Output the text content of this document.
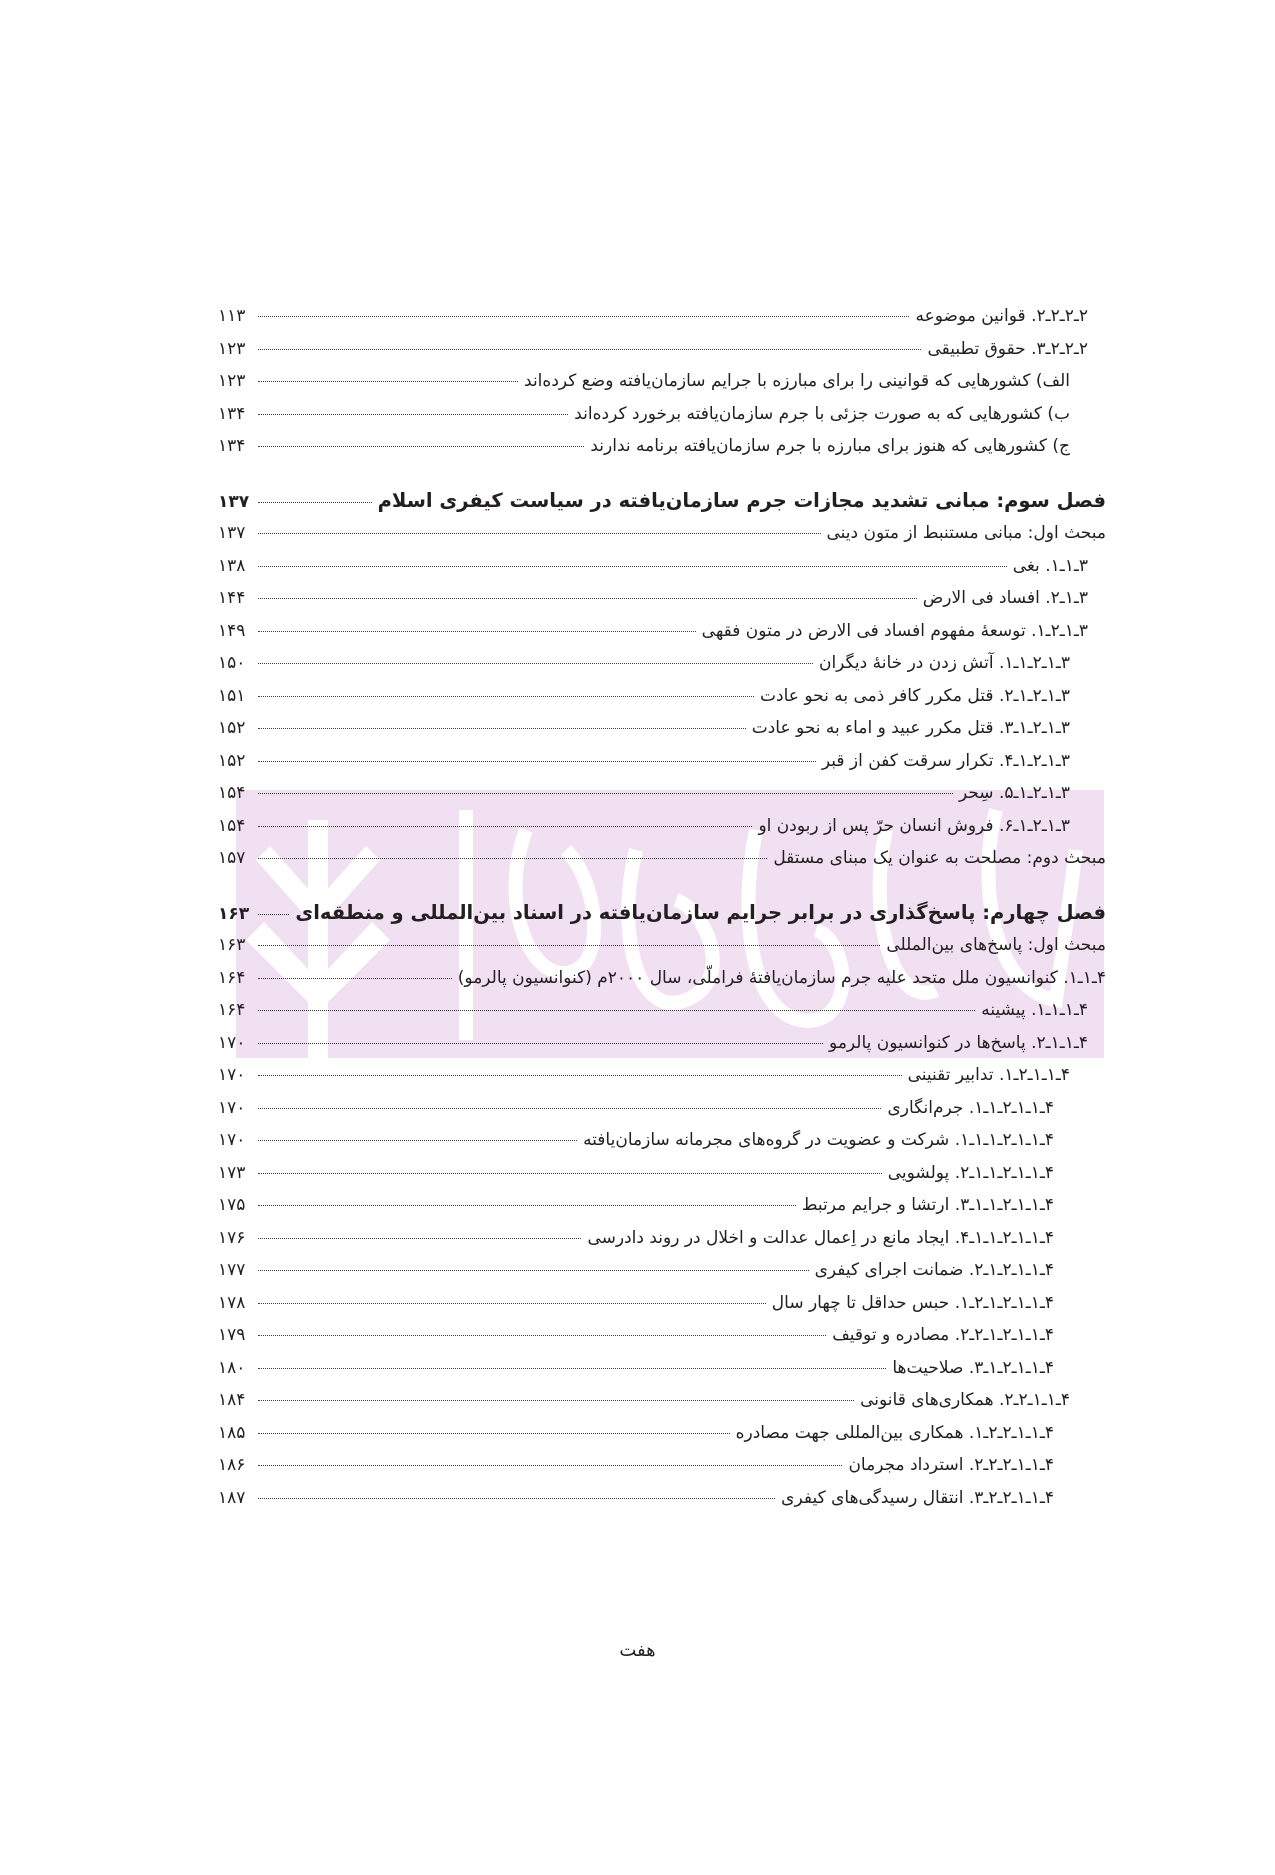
۲ـ۲ـ۲ـ۲. قوانین موضوعه
۱۱۳
۲ـ۲ـ۲ـ۳. حقوق تطبیقی
۱۲۳
الف) کشورهایی که قوانینی را برای مبارزه با جرایم سازمان‌یافته وضع کرده‌اند
۱۲۳
ب) کشورهایی که به صورت جزئی با جرم سازمان‌یافته برخورد کرده‌اند
۱۳۴
ج) کشورهایی که هنوز برای مبارزه با جرم سازمان‌یافته برنامه ندارند
۱۳۴
فصل سوم: مبانی تشدید مجازات جرم سازمان‌یافته در سیاست کیفری اسلام
۱۳۷
مبحث اول: مبانی مستنبط از متون دینی
۱۳۷
۳ـ۱ـ۱. بغی
۱۳۸
۳ـ۱ـ۲. افساد فی الارض
۱۴۴
۳ـ۱ـ۲ـ۱. توسعهٔ مفهوم افساد فی الارض در متون فقهی
۱۴۹
۳ـ۱ـ۲ـ۱ـ۱. آتش زدن در خانهٔ دیگران
۱۵۰
۳ـ۱ـ۲ـ۱ـ۲. قتل مکرر کافر ذمی به نحو عادت
۱۵۱
۳ـ۱ـ۲ـ۱ـ۳. قتل مکرر عبید و اماء به نحو عادت
۱۵۲
۳ـ۱ـ۲ـ۱ـ۴. تکرار سرقت کفن از قبر
۱۵۲
۳ـ۱ـ۲ـ۱ـ۵. سِحر
۱۵۴
۳ـ۱ـ۲ـ۱ـ۶. فروش انسان حرّ پس از ربودن او
۱۵۴
مبحث دوم: مصلحت به عنوان یک مبنای مستقل
۱۵۷
فصل چهارم: پاسخ‌گذاری در برابر جرایم سازمان‌یافته در اسناد بین‌المللی و منطقه‌ای
۱۶۳
مبحث اول: پاسخ‌های بین‌المللی
۱۶۳
۴ـ۱ـ۱. کنوانسیون ملل متحد علیه جرم سازمان‌یافتهٔ فراملّی، سال ۲۰۰۰م (کنوانسیون پالرمو)
۱۶۴
۴ـ۱ـ۱ـ۱. پیشینه
۱۶۴
۴ـ۱ـ۱ـ۲. پاسخ‌ها در کنوانسیون پالرمو
۱۷۰
۴ـ۱ـ۱ـ۲ـ۱. تدابیر تقنینی
۱۷۰
۴ـ۱ـ۱ـ۲ـ۱ـ۱. جرم‌انگاری
۱۷۰
۴ـ۱ـ۱ـ۲ـ۱ـ۱ـ۱. شرکت و عضویت در گروه‌های مجرمانه سازمان‌یافته
۱۷۰
۴ـ۱ـ۱ـ۲ـ۱ـ۱ـ۲. پولشویی
۱۷۳
۴ـ۱ـ۱ـ۲ـ۱ـ۱ـ۳. ارتشا و جرایم مرتبط
۱۷۵
۴ـ۱ـ۱ـ۲ـ۱ـ۱ـ۴. ایجاد مانع در اِعمال عدالت و اخلال در روند دادرسی
۱۷۶
۴ـ۱ـ۱ـ۲ـ۱ـ۲. ضمانت اجرای کیفری
۱۷۷
۴ـ۱ـ۱ـ۲ـ۱ـ۲ـ۱. حبس حداقل تا چهار سال
۱۷۸
۴ـ۱ـ۱ـ۲ـ۱ـ۲ـ۲. مصادره و توقیف
۱۷۹
۴ـ۱ـ۱ـ۲ـ۱ـ۳. صلاحیت‌ها
۱۸۰
۴ـ۱ـ۱ـ۲ـ۲. همکاری‌های قانونی
۱۸۴
۴ـ۱ـ۱ـ۲ـ۲ـ۱. همکاری بین‌المللی جهت مصادره
۱۸۵
۴ـ۱ـ۱ـ۲ـ۲ـ۲. استرداد مجرمان
۱۸۶
۴ـ۱ـ۱ـ۲ـ۲ـ۳. انتقال رسیدگی‌های کیفری
۱۸۷
هفت
